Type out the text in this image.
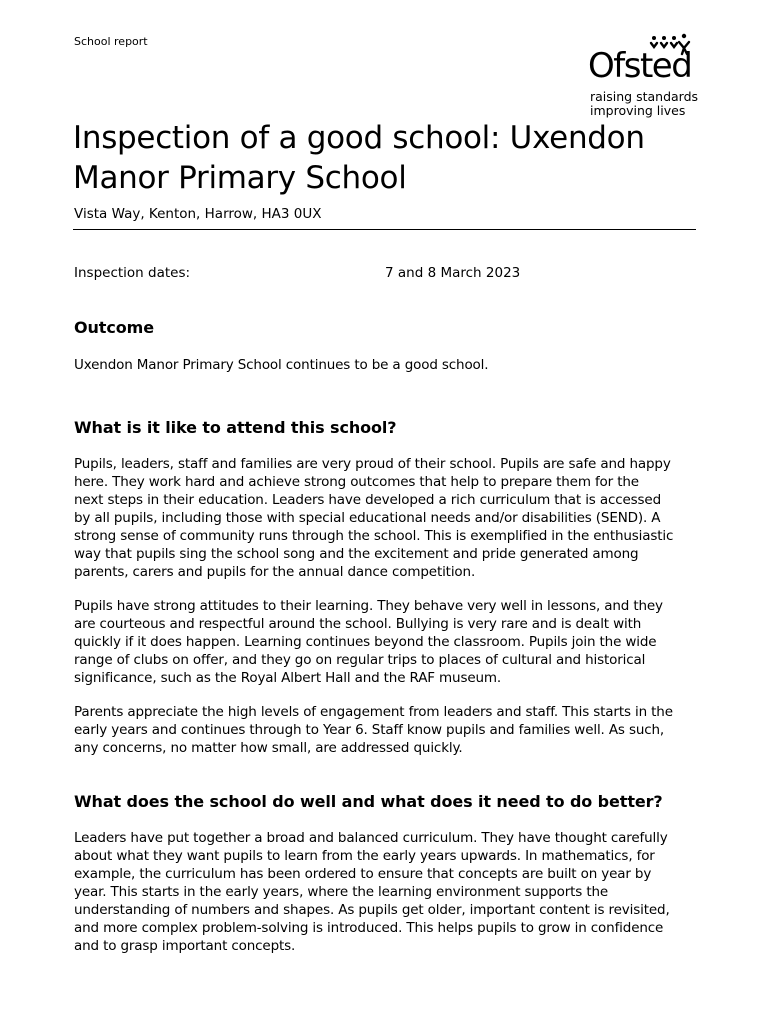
School report
Ofsted
raising standards
improving lives
Inspection of a good school: Uxendon
Manor Primary School
Vista Way, Kenton, Harrow, HA3 0UX
Inspection dates:	7 and 8 March 2023
Outcome

Uxendon Manor Primary School continues to be a good school.

What is it like to attend this school?

Pupils, leaders, staff and families are very proud of their school. Pupils are safe and happy
here. They work hard and achieve strong outcomes that help to prepare them for the
next steps in their education. Leaders have developed a rich curriculum that is accessed
by all pupils, including those with special educational needs and/or disabilities (SEND). A
strong sense of community runs through the school. This is exemplified in the enthusiastic
way that pupils sing the school song and the excitement and pride generated among
parents, carers and pupils for the annual dance competition.

Pupils have strong attitudes to their learning. They behave very well in lessons, and they
are courteous and respectful around the school. Bullying is very rare and is dealt with
quickly if it does happen. Learning continues beyond the classroom. Pupils join the wide
range of clubs on offer, and they go on regular trips to places of cultural and historical
significance, such as the Royal Albert Hall and the RAF museum.

Parents appreciate the high levels of engagement from leaders and staff. This starts in the
early years and continues through to Year 6. Staff know pupils and families well. As such,
any concerns, no matter how small, are addressed quickly.

What does the school do well and what does it need to do better?

Leaders have put together a broad and balanced curriculum. They have thought carefully
about what they want pupils to learn from the early years upwards. In mathematics, for
example, the curriculum has been ordered to ensure that concepts are built on year by
year. This starts in the early years, where the learning environment supports the
understanding of numbers and shapes. As pupils get older, important content is revisited,
and more complex problem-solving is introduced. This helps pupils to grow in confidence
and to grasp important concepts.
